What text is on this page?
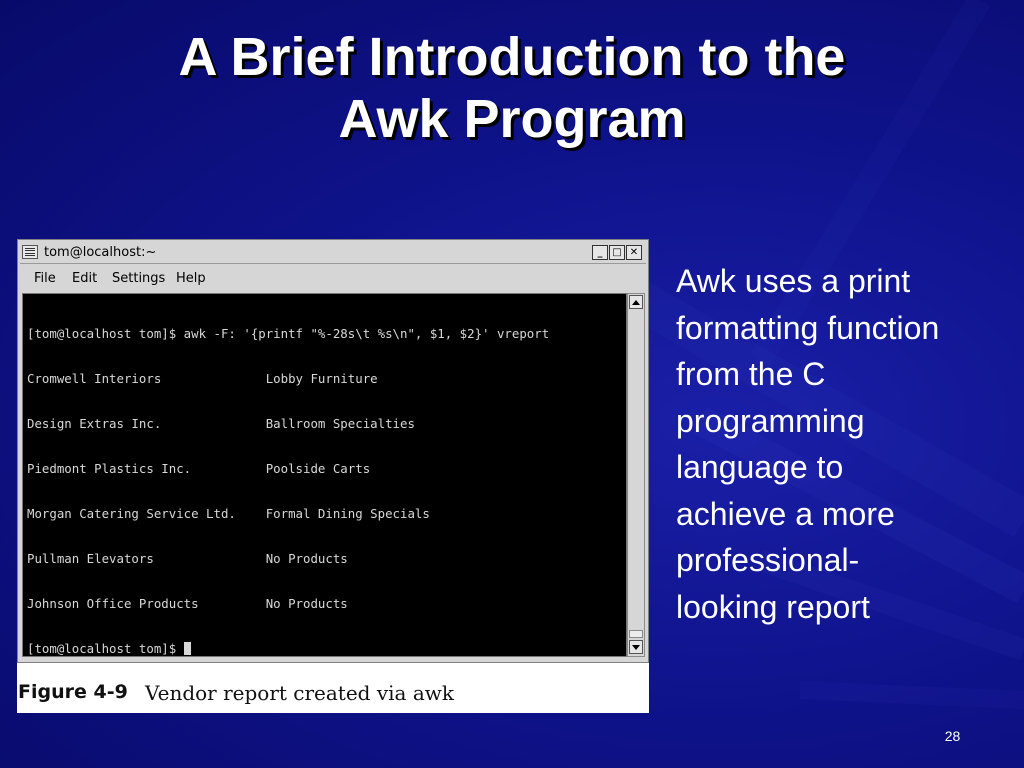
A Brief Introduction to the
Awk Program
tom@localhost:~	_ □ ✕
File Edit Settings Help

[tom@localhost tom]$ awk -F: '{printf "%-28s\t %s\n", $1, $2}' vreport

Cromwell Interiors              Lobby Furniture

Design Extras Inc.              Ballroom Specialties

Piedmont Plastics Inc.          Poolside Carts

Morgan Catering Service Ltd.    Formal Dining Specials

Pullman Elevators               No Products

Johnson Office Products         No Products

[tom@localhost tom]$

Figure 4-9 Vendor report created via awk
Awk uses a print
formatting function
from the C
programming
language to
achieve a more
professional-
looking report
28
